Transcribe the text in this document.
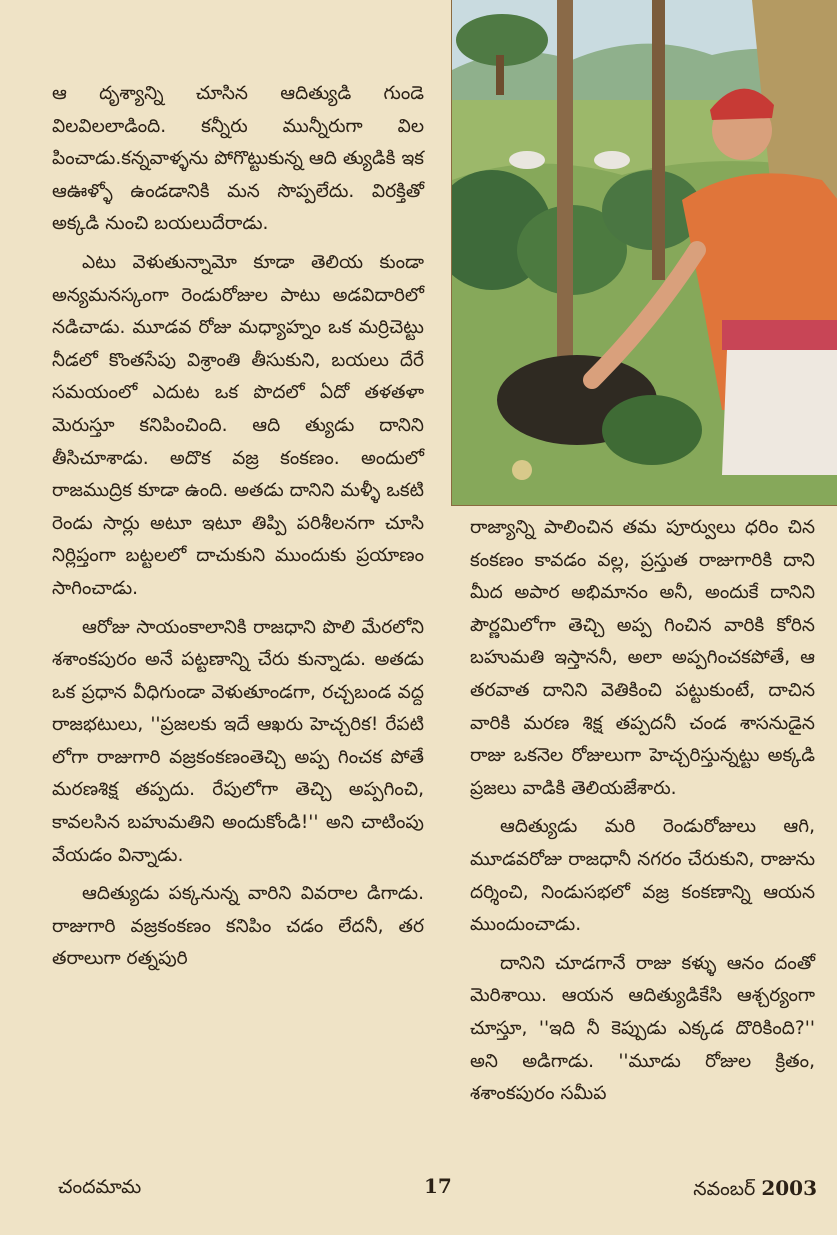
ఆ దృశ్యాన్ని చూసిన ఆదిత్యుడి గుండె విలవిలలాడింది. కన్నీరు మున్నీరుగా విల పించాడు.కన్నవాళ్ళను పోగొట్టుకున్న ఆది త్యుడికి ఇక ఆఊళ్ళో ఉండడానికి మన సొప్పలేదు. విరక్తితో అక్కడి నుంచి బయలుదేరాడు.

ఎటు వెళుతున్నామో కూడా తెలియ కుండా అన్యమనస్కంగా రెండురోజుల పాటు అడవిదారిలో నడిచాడు. మూడవ రోజు మధ్యాహ్నం ఒక మర్రిచెట్టు నీడలో కొంతసేపు విశ్రాంతి తీసుకుని, బయలు దేరే సమయంలో ఎదుట ఒక పొదలో ఏదో తళతళా మెరుస్తూ కనిపించింది. ఆది త్యుడు దానిని తీసిచూశాడు. అదొక వజ్ర కంకణం. అందులో రాజముద్రిక కూడా ఉంది. అతడు దానిని మళ్ళీ ఒకటి రెండు సార్లు అటూ ఇటూ తిప్పి పరిశీలనగా చూసి నిర్లిప్తంగా బట్టలలో దాచుకుని ముందుకు ప్రయాణం సాగించాడు.

ఆరోజు సాయంకాలానికి రాజధాని పొలి మేరలోని శశాంకపురం అనే పట్టణాన్ని చేరు కున్నాడు. అతడు ఒక ప్రధాన వీధిగుండా వెళుతూండగా, రచ్చబండ వద్ద రాజభటులు, ''ప్రజలకు ఇదే ఆఖరు హెచ్చరిక! రేపటి లోగా రాజుగారి వజ్రకంకణంతెచ్చి అప్ప గించక పోతే మరణశిక్ష తప్పదు. రేపులోగా తెచ్చి అప్పగించి, కావలసిన బహుమతిని అందుకోండి!'' అని చాటింపు వేయడం విన్నాడు.

ఆదిత్యుడు పక్కనున్న వారిని వివరాల డిగాడు. రాజుగారి వజ్రకంకణం కనిపిం చడం లేదనీ, తర తరాలుగా రత్నపురి

రాజ్యాన్ని పాలించిన తమ పూర్వులు ధరిం చిన కంకణం కావడం వల్ల, ప్రస్తుత రాజుగారికి దాని మీద అపార అభిమానం అనీ, అందుకే దానిని పౌర్ణమిలోగా తెచ్చి అప్ప గించిన వారికి కోరిన బహుమతి ఇస్తాననీ, అలా అప్పగించకపోతే, ఆ తరవాత దానిని వెతికించి పట్టుకుంటే, దాచిన వారికి మరణ శిక్ష తప్పదనీ చండ శాసనుడైన రాజు ఒకనెల రోజులుగా హెచ్చరిస్తున్నట్టు అక్కడి ప్రజలు వాడికి తెలియజేశారు.

ఆదిత్యుడు మరి రెండురోజులు ఆగి, మూడవరోజు రాజధానీ నగరం చేరుకుని, రాజును దర్శించి, నిండుసభలో వజ్ర కంకణాన్ని ఆయన ముందుంచాడు.

దానిని చూడగానే రాజు కళ్ళు ఆనం దంతో మెరిశాయి. ఆయన ఆదిత్యుడికేసి ఆశ్చర్యంగా చూస్తూ, ''ఇది నీ కెప్పుడు ఎక్కడ దొరికింది?'' అని అడిగాడు. ''మూడు రోజుల క్రితం, శశాంకపురం సమీప

చందమామ	17	నవంబర్ 2003
